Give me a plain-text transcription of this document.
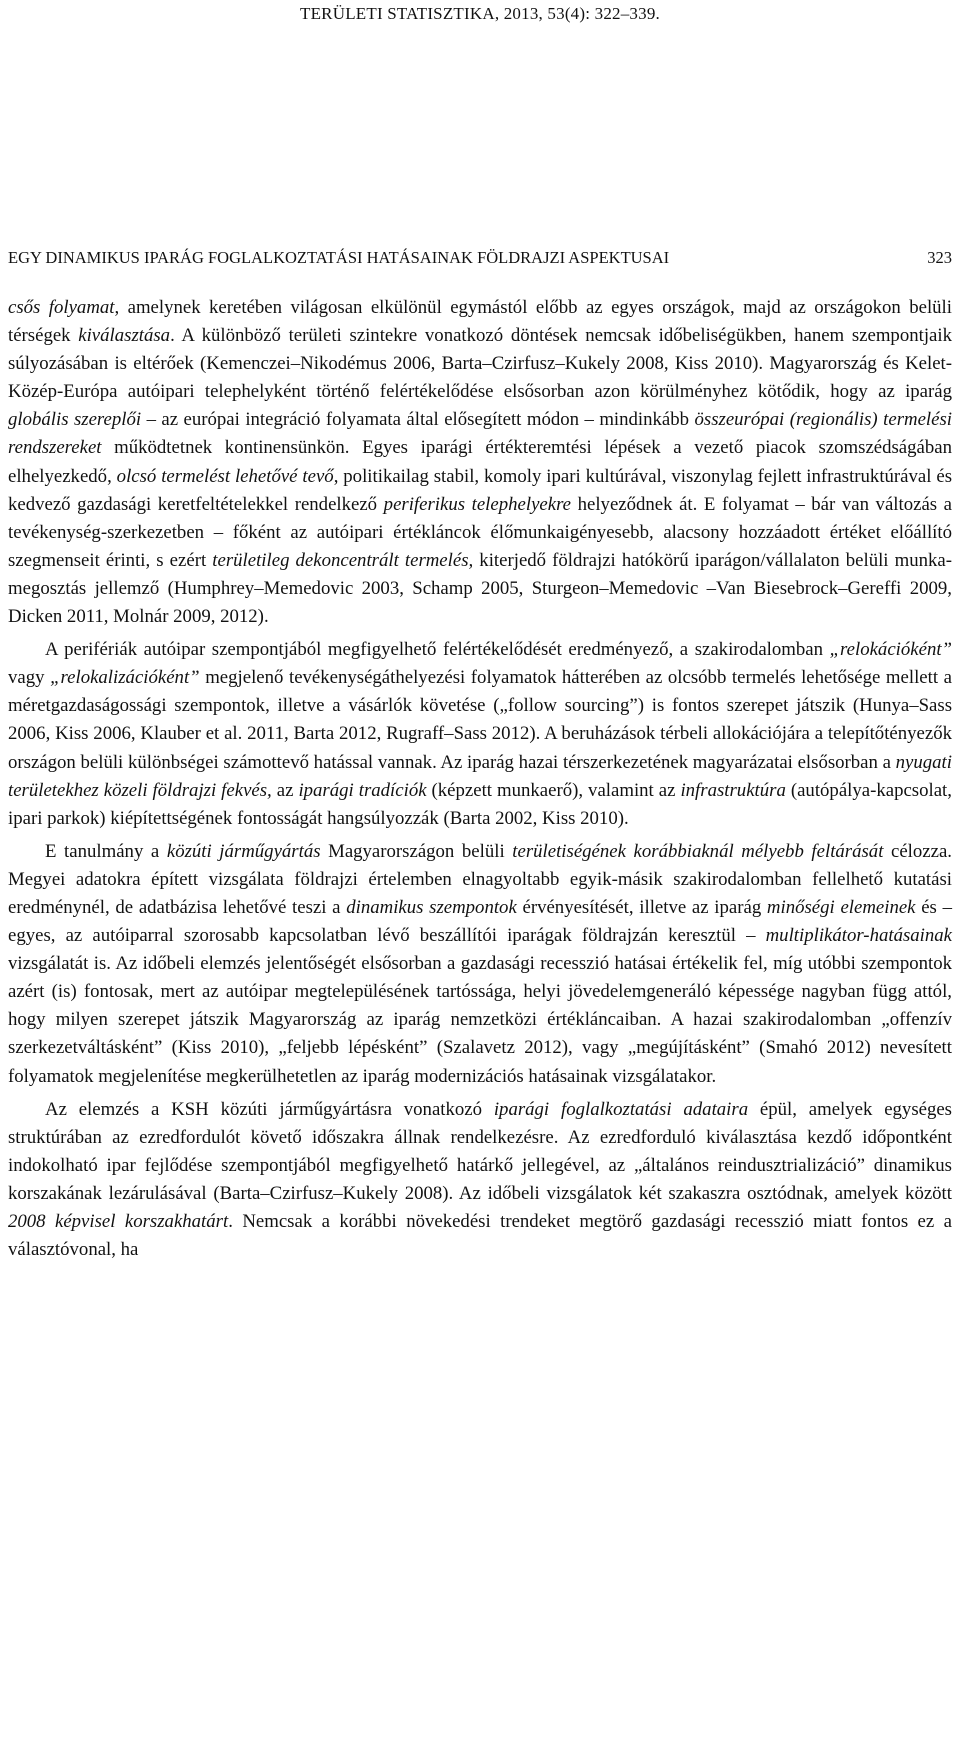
TERÜLETI STATISZTIKA, 2013, 53(4): 322–339.
EGY DINAMIKUS IPARÁG FOGLALKOZTATÁSI HATÁSAINAK FÖLDRAJZI ASPEKTUSAI	323

csős folyamat, amelynek keretében világosan elkülönül egymástól előbb az egyes országok, majd az országokon belüli térségek kiválasztása. A különböző területi szintekre vonatkozó döntések nemcsak időbeliségükben, hanem szempontjaik súlyozásában is eltérőek (Kemenczei–Nikodémus 2006, Barta–Czirfusz–Kukely 2008, Kiss 2010). Magyarország és Kelet-Közép-Európa autóipari telephelyként történő felértékelődése elsősorban azon körülményhez kötődik, hogy az iparág globális szereplői – az európai integráció folyamata által elősegített módon – mindinkább összeurópai (regionális) termelési rendszereket működtetnek kontinensünkön. Egyes iparági értékteremtési lépések a vezető piacok szomszédságában elhelyezkedő, olcsó termelést lehetővé tevő, politikailag stabil, komoly ipari kultúrával, viszonylag fejlett infrastruktúrával és kedvező gazdasági keretfeltételekkel rendelkező periferikus telephelyekre helyeződnek át. E folyamat – bár van változás a tevékenység-szerkezetben – főként az autóipari értékláncok élőmunkaigényesebb, alacsony hozzáadott értéket előállító szegmenseit érinti, s ezért területileg dekoncentrált termelés, kiterjedő földrajzi hatókörű iparágon/vállalaton belüli munkamegosztás jellemző (Humphrey–Memedovic 2003, Schamp 2005, Sturgeon–Memedovic –Van Biesebrock–Gereffi 2009, Dicken 2011, Molnár 2009, 2012).

A perifériák autóipar szempontjából megfigyelhető felértékelődését eredményező, a szakirodalomban „relokációként” vagy „relokalizációként” megjelenő tevékenységáthelyezési folyamatok hátterében az olcsóbb termelés lehetősége mellett a méretgazdaságossági szempontok, illetve a vásárlók követése („follow sourcing”) is fontos szerepet játszik (Hunya–Sass 2006, Kiss 2006, Klauber et al. 2011, Barta 2012, Rugraff–Sass 2012). A beruházások térbeli allokációjára a telepítőtényezők országon belüli különbségei számottevő hatással vannak. Az iparág hazai térszerkezetének magyarázatai elsősorban a nyugati területekhez közeli földrajzi fekvés, az iparági tradíciók (képzett munkaerő), valamint az infrastruktúra (autópálya-kapcsolat, ipari parkok) kiépítettségének fontosságát hangsúlyozzák (Barta 2002, Kiss 2010).

E tanulmány a közúti járműgyártás Magyarországon belüli területiségének korábbiaknál mélyebb feltárását célozza. Megyei adatokra épített vizsgálata földrajzi értelemben elnagyoltabb egyik-másik szakirodalomban fellelhető kutatási eredménynél, de adatbázisa lehetővé teszi a dinamikus szempontok érvényesítését, illetve az iparág minőségi elemeinek és – egyes, az autóiparral szorosabb kapcsolatban lévő beszállítói iparágak földrajzán keresztül – multiplikátor-hatásainak vizsgálatát is. Az időbeli elemzés jelentőségét elsősorban a gazdasági recesszió hatásai értékelik fel, míg utóbbi szempontok azért (is) fontosak, mert az autóipar megtelepülésének tartóssága, helyi jövedelemgeneráló képessége nagyban függ attól, hogy milyen szerepet játszik Magyarország az iparág nemzetközi értékláncaiban. A hazai szakirodalomban „offenzív szerkezetváltásként” (Kiss 2010), „feljebb lépésként” (Szalavetz 2012), vagy „megújításként” (Smahó 2012) nevesített folyamatok megjelenítése megkerülhetetlen az iparág modernizációs hatásainak vizsgálatakor.

Az elemzés a KSH közúti járműgyártásra vonatkozó iparági foglalkoztatási adataira épül, amelyek egységes struktúrában az ezredfordulót követő időszakra állnak rendelkezésre. Az ezredforduló kiválasztása kezdő időpontként indokolható ipar fejlődése szempontjából megfigyelhető határkő jellegével, az „általános reindusztrializáció” dinamikus korszakának lezárulásával (Barta–Czirfusz–Kukely 2008). Az időbeli vizsgálatok két szakaszra osztódnak, amelyek között 2008 képvisel korszakhatárt. Nemcsak a korábbi növekedési trendeket megtörő gazdasági recesszió miatt fontos ez a választóvonal, ha
